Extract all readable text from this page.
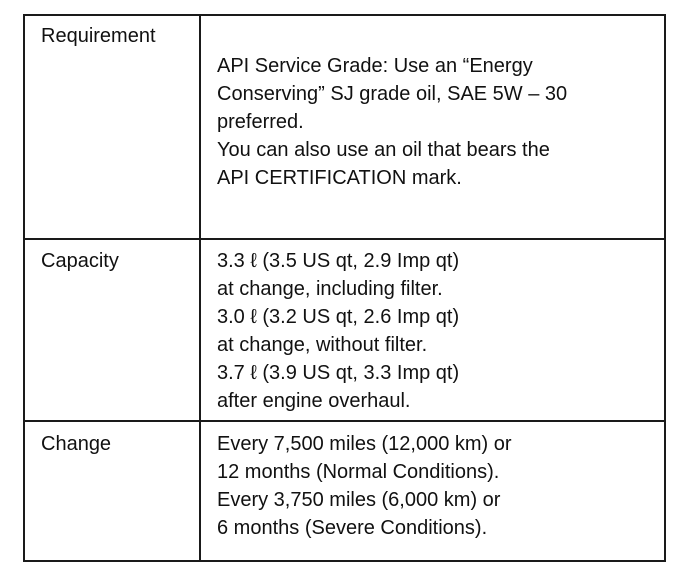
Requirement
API Service Grade: Use an “Energy
Conserving” SJ grade oil, SAE 5W – 30
preferred.
You can also use an oil that bears the
API CERTIFICATION mark.
Capacity	3.3 ℓ (3.5 US qt, 2.9 Imp qt)
at change, including filter.
3.0 ℓ (3.2 US qt, 2.6 Imp qt)
at change, without filter.
3.7 ℓ (3.9 US qt, 3.3 Imp qt)
after engine overhaul.
Change	Every 7,500 miles (12,000 km) or
12 months (Normal Conditions).
Every 3,750 miles (6,000 km) or
6 months (Severe Conditions).
